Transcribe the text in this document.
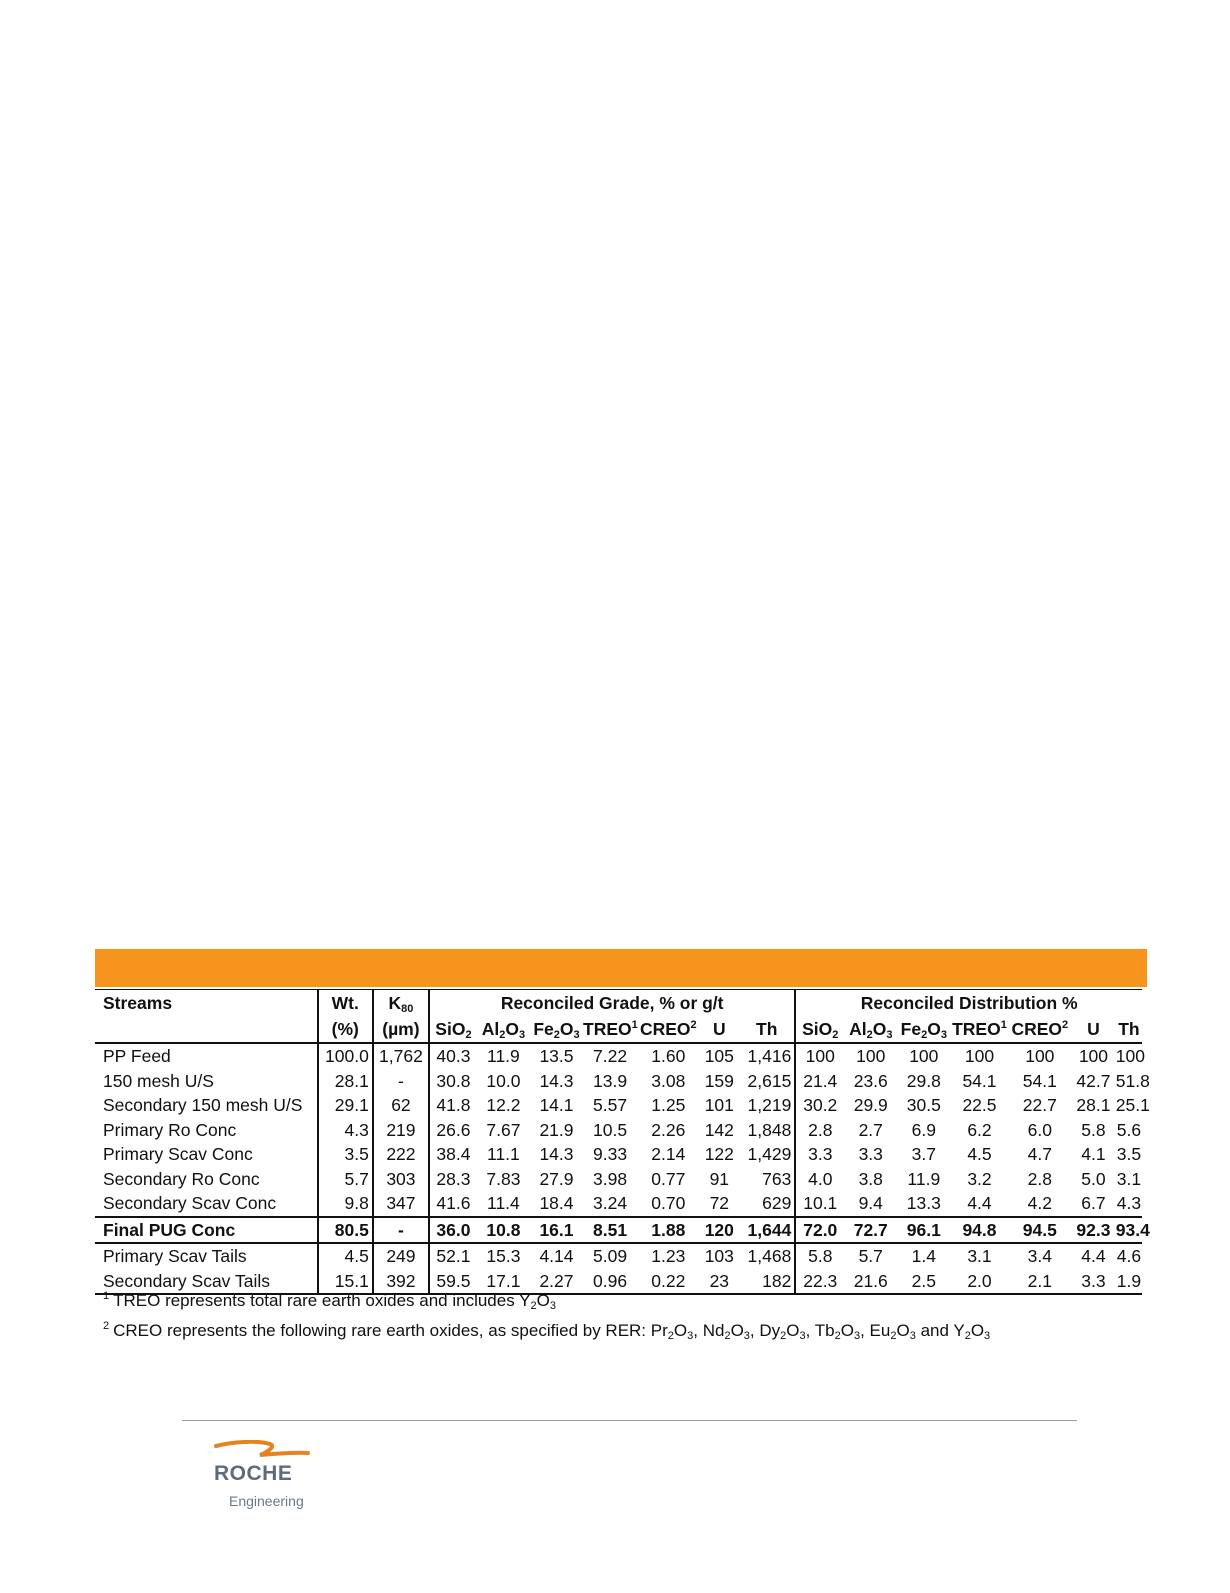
Streams	Wt.	$K_{80}$	Reconciled Grade, % or g/t							Reconciled Distribution %						
	(%)	(µm)	SiO$_2$	$Al_2O_3$	$Fe_2O_3$	TREO$^1$	CREO$^2$	U	Th	SiO$_2$	$Al_2O_3$	$Fe_2O_3$	TREO$^1$	CREO$^2$	U	Th
PP Feed	100.0	1,762	40.3	11.9	13.5	7.22	1.60	105	1,416	100	100	100	100	100	100	100
150 mesh U/S	28.1	-	30.8	10.0	14.3	13.9	3.08	159	2,615	21.4	23.6	29.8	54.1	54.1	42.7	51.8
Secondary 150 mesh U/S	29.1	62	41.8	12.2	14.1	5.57	1.25	101	1,219	30.2	29.9	30.5	22.5	22.7	28.1	25.1
Primary Ro Conc	4.3	219	26.6	7.67	21.9	10.5	2.26	142	1,848	2.8	2.7	6.9	6.2	6.0	5.8	5.6
Primary Scav Conc	3.5	222	38.4	11.1	14.3	9.33	2.14	122	1,429	3.3	3.3	3.7	4.5	4.7	4.1	3.5
Secondary Ro Conc	5.7	303	28.3	7.83	27.9	3.98	0.77	91	763	4.0	3.8	11.9	3.2	2.8	5.0	3.1
Secondary Scav Conc	9.8	347	41.6	11.4	18.4	3.24	0.70	72	629	10.1	9.4	13.3	4.4	4.2	6.7	4.3
Final PUG Conc	80.5	-	36.0	10.8	16.1	8.51	1.88	120	1,644	72.0	72.7	96.1	94.8	94.5	92.3	93.4
Primary Scav Tails	4.5	249	52.1	15.3	4.14	5.09	1.23	103	1,468	5.8	5.7	1.4	3.1	3.4	4.4	4.6
Secondary Scav Tails	15.1	392	59.5	17.1	2.27	0.96	0.22	23	182	22.3	21.6	2.5	2.0	2.1	3.3	1.9
$^1$ TREO represents total rare earth oxides and includes $Y_2O_3$
$^2$ CREO represents the following rare earth oxides, as specified by RER: $Pr_2O_3$, $Nd_2O_3$, $Dy_2O_3$, $Tb_2O_3$, $Eu_2O_3$ and $Y_2O_3$
ROCHE
Engineering
